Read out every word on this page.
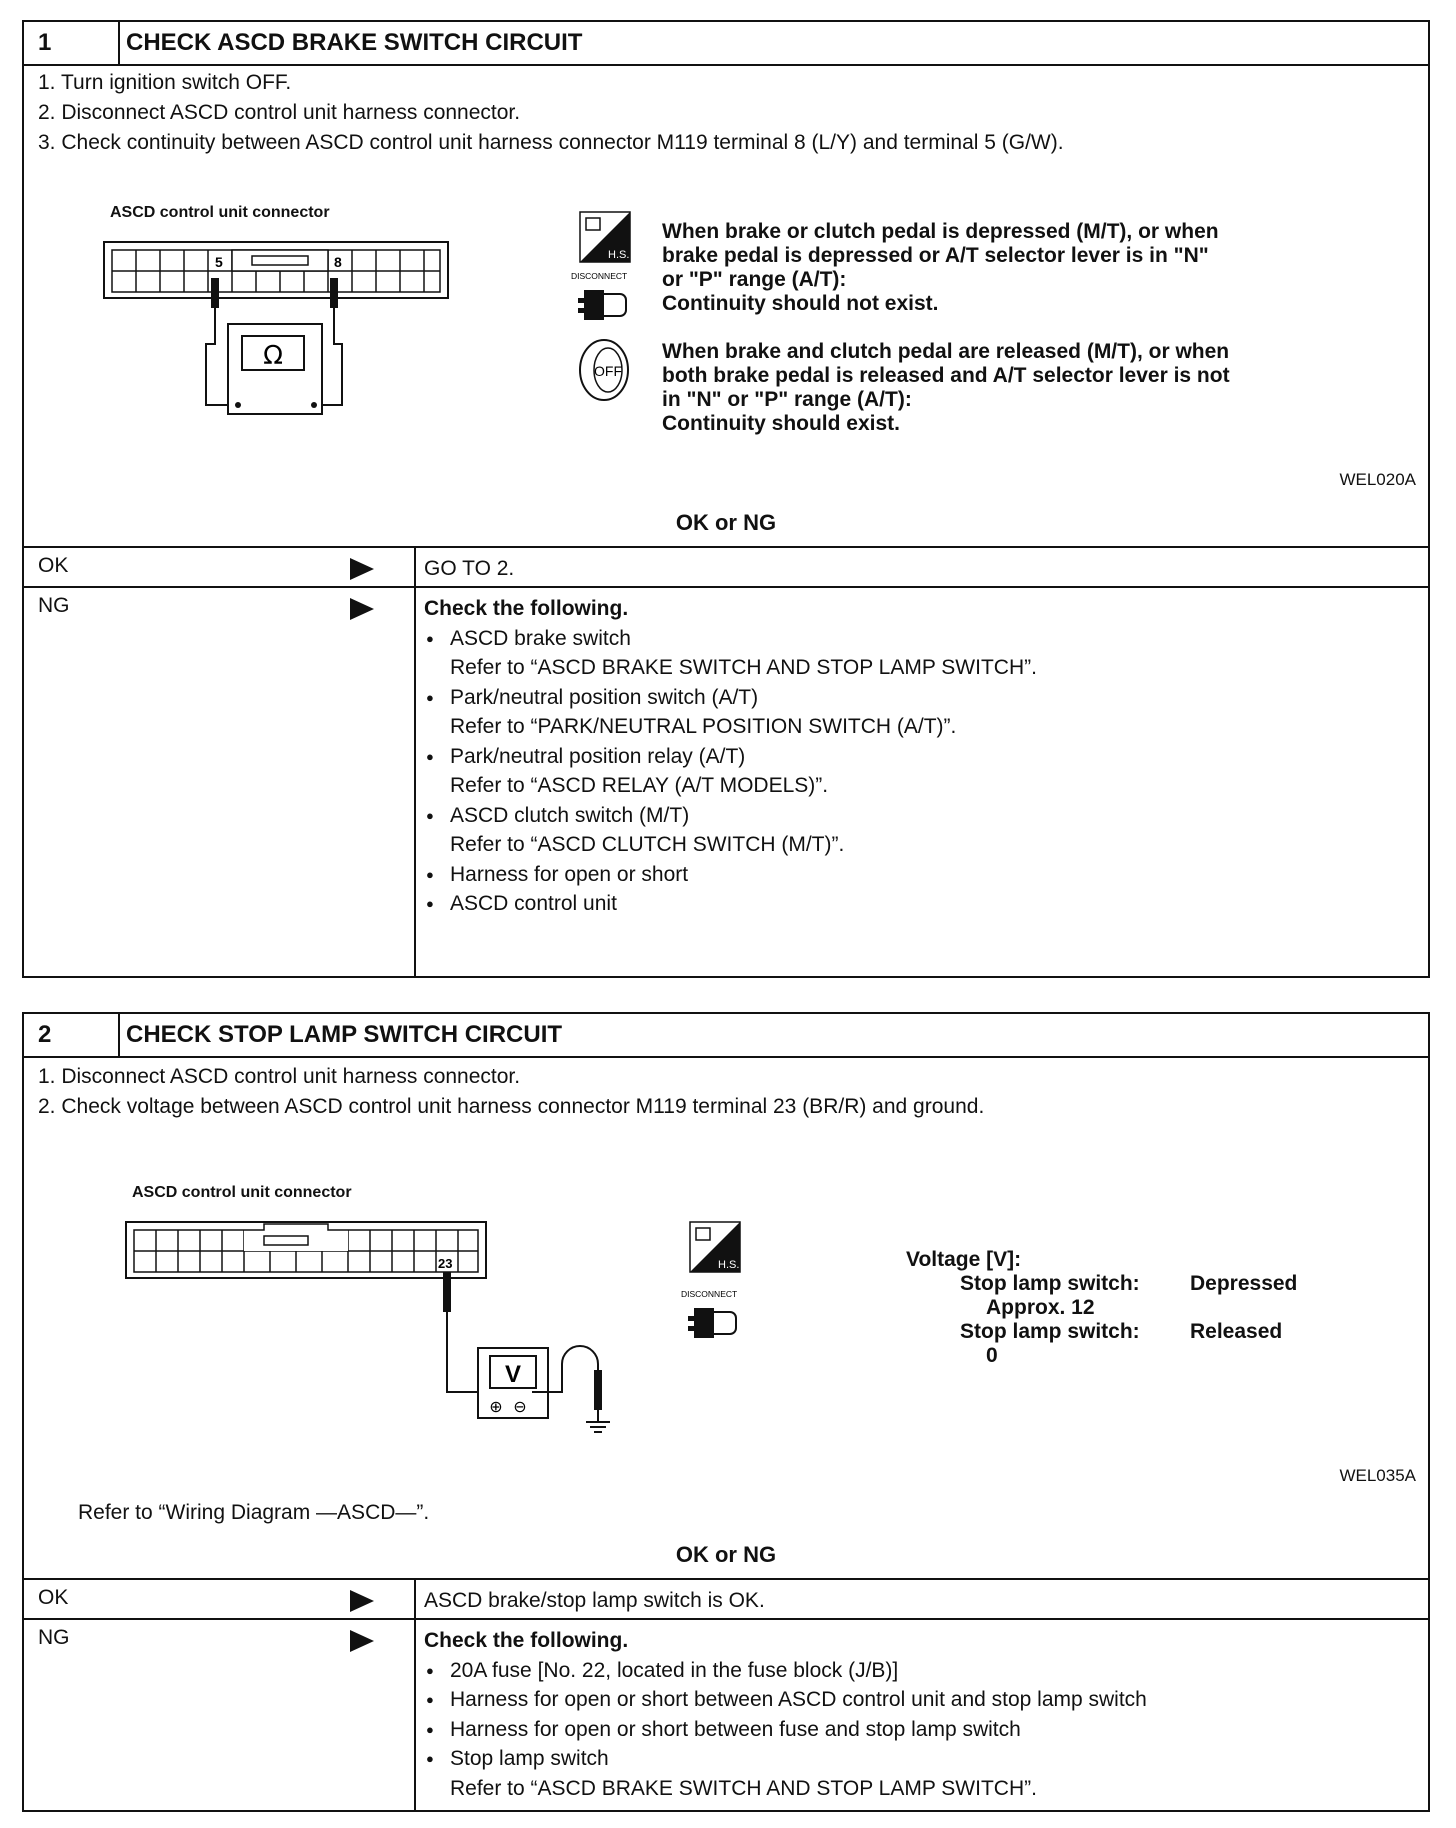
1	CHECK ASCD BRAKE SWITCH CIRCUIT
1. Turn ignition switch OFF.
2. Disconnect ASCD control unit harness connector.
3. Check continuity between ASCD control unit harness connector M119 terminal 8 (L/Y) and terminal 5 (G/W).
ASCD control unit connector
5	8
Ω
H.S.
DISCONNECT
OFF
When brake or clutch pedal is depressed (M/T), or when
brake pedal is depressed or A/T selector lever is in "N"
or "P" range (A/T):
Continuity should not exist.
When brake and clutch pedal are released (M/T), or when
both brake pedal is released and A/T selector lever is not
in "N" or "P" range (A/T):
Continuity should exist.
WEL020A
OK or NG
OK	GO TO 2.
NG	Check the following.
● ASCD brake switch
Refer to “ASCD BRAKE SWITCH AND STOP LAMP SWITCH”.
● Park/neutral position switch (A/T)
Refer to “PARK/NEUTRAL POSITION SWITCH (A/T)”.
● Park/neutral position relay (A/T)
Refer to “ASCD RELAY (A/T MODELS)”.
● ASCD clutch switch (M/T)
Refer to “ASCD CLUTCH SWITCH (M/T)”.
● Harness for open or short
● ASCD control unit
2	CHECK STOP LAMP SWITCH CIRCUIT
1. Disconnect ASCD control unit harness connector.
2. Check voltage between ASCD control unit harness connector M119 terminal 23 (BR/R) and ground.
ASCD control unit connector
23
V
⊕ ⊖
H.S.
DISCONNECT
Voltage [V]:
Stop lamp switch: Depressed
Approx. 12
Stop lamp switch: Released
0
WEL035A
Refer to “Wiring Diagram —ASCD—”.
OK or NG
OK	ASCD brake/stop lamp switch is OK.
NG	Check the following.
● 20A fuse [No. 22, located in the fuse block (J/B)]
● Harness for open or short between ASCD control unit and stop lamp switch
● Harness for open or short between fuse and stop lamp switch
● Stop lamp switch
Refer to “ASCD BRAKE SWITCH AND STOP LAMP SWITCH”.
